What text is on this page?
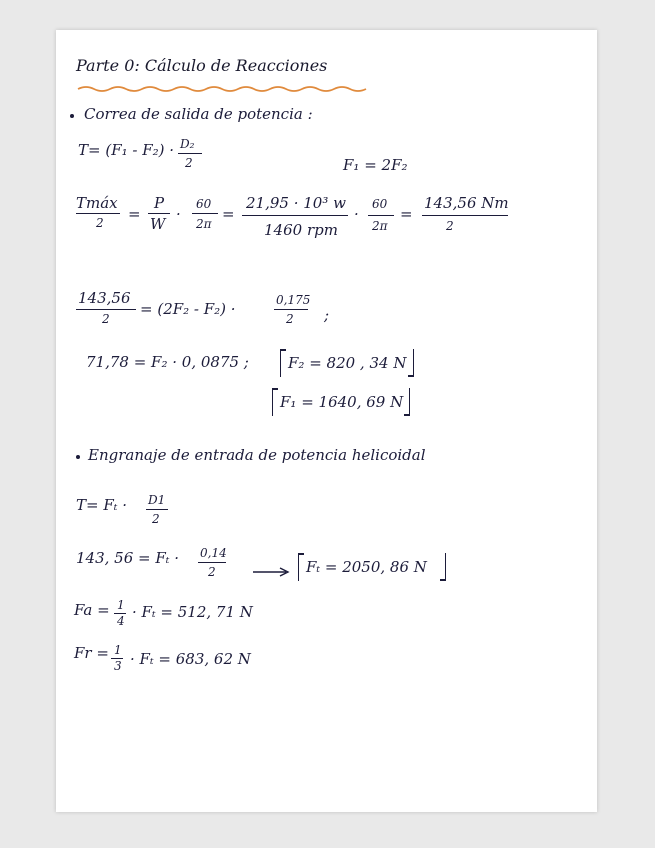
Parte 0: Cálculo de Reacciones
Correa de salida de potencia :
T= (F₁ - F₂) · D₂
2	F₁ = 2F₂
Tmáx
2 =
P
W
·
60
2π
=
21,95 · 10³ w
1460 rpm
·
60
2π
=
143,56 Nm
2
143,56
2
= (2F₂ - F₂) ·	0,175
2 ;
71,78 = F₂ · 0, 0875 ;	F₂ = 820 , 34 N
F₁ = 1640, 69 N
Engranaje de entrada de potencia helicoidal
T= Fₜ · D1
2
143, 56 = Fₜ · 0,14
2	Fₜ = 2050, 86 N
Fa = 1
4 · Fₜ = 512, 71 N
Fr = 1
3 · Fₜ = 683, 62 N
